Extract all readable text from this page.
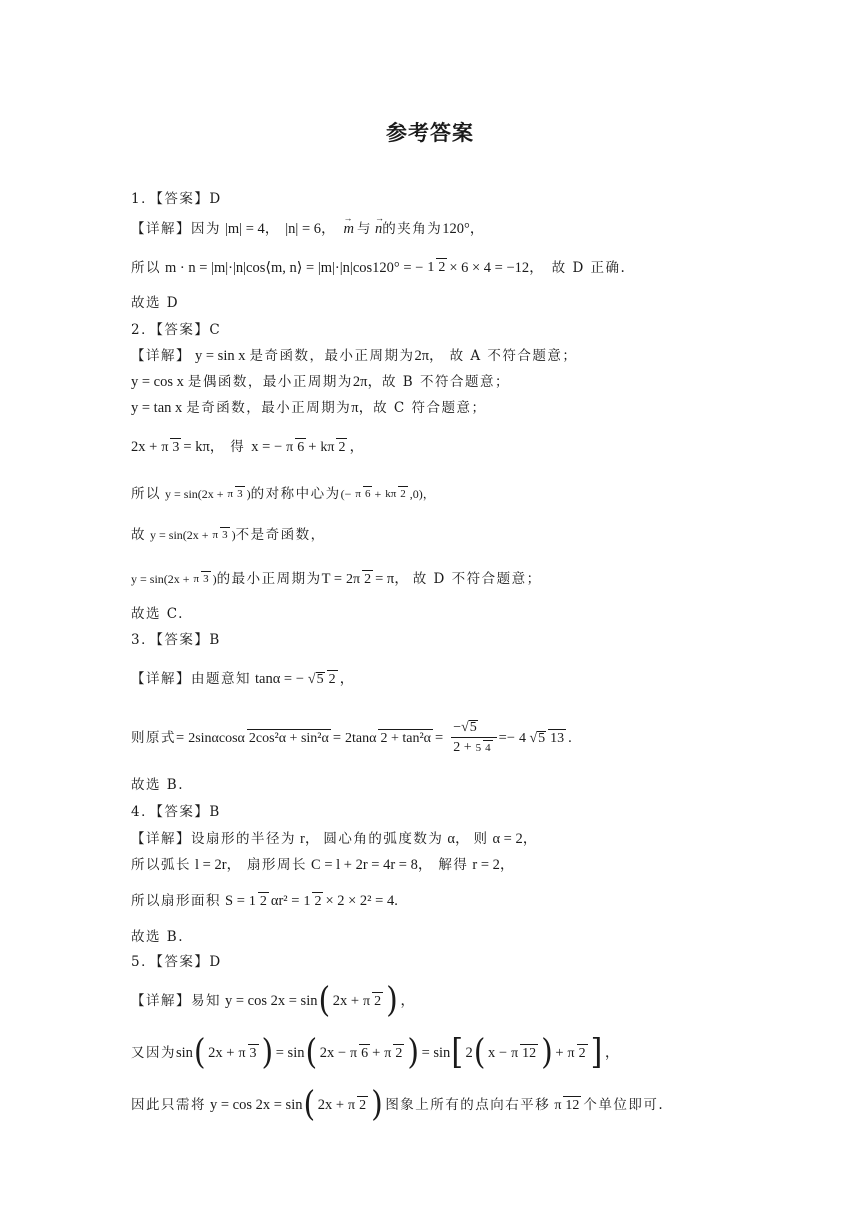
参考答案
1．【答案】D
【详解】因为 |m| = 4， |n| = 6， → m 与 → n 的夹角为 120°，
所以 m · n = |m|·|n|cos⟨m, n⟩ = |m|·|n|cos120° = − 1 2 × 6 × 4 = −12， 故 D 正确.
故选 D
2．【答案】C
【详解】 y = sin x 是奇函数，最小正周期为 2π， 故 A 不符合题意；
y = cos x 是偶函数，最小正周期为 2π， 故 B 不符合题意；
y = tan x 是奇函数，最小正周期为 π， 故 C 符合题意；
2x + π 3 = kπ， 得 x = − π 6 + kπ 2 ，
所以 y = sin(2x + π 3 ) 的对称中心为 (− π 6 + kπ 2 ,0)，
故 y = sin(2x + π 3 ) 不是奇函数，
y = sin(2x + π 3 ) 的最小正周期为 T = 2π 2 = π， 故 D 不符合题意；
故选 C.
3．【答案】B
【详解】由题意知 tanα = − √5 2 ，
则原式 = 2sinαcosα 2cos²α + sin²α = 2tanα $2 + \tan^2\alpha = \frac{-√5}{2 + 5 4}$ = − 4 √5 13 .
故选 B.
4．【答案】B
【详解】设扇形的半径为 r， 圆心角的弧度数为 α， 则 α = 2，
所以弧长 l = 2r， 扇形周长 C = l + 2r = 4r = 8， 解得 r = 2，
所以扇形面积 S = 1 2 αr² = 1 2 × 2 × 2² = 4.
故选 B.
5．【答案】D
【详解】易知 y = cos 2x = sin ( 2x + π 2 ) ，
又因为 sin ( 2x + π 3 ) = sin ( 2x − π 6 + π 2 ) = sin [ 2 ( x − π 12 ) + π 2 ] ，
因此只需将 y = cos 2x = sin ( 2x + π 2 ) 图象上所有的点向右平移 π 12 个单位即可.
